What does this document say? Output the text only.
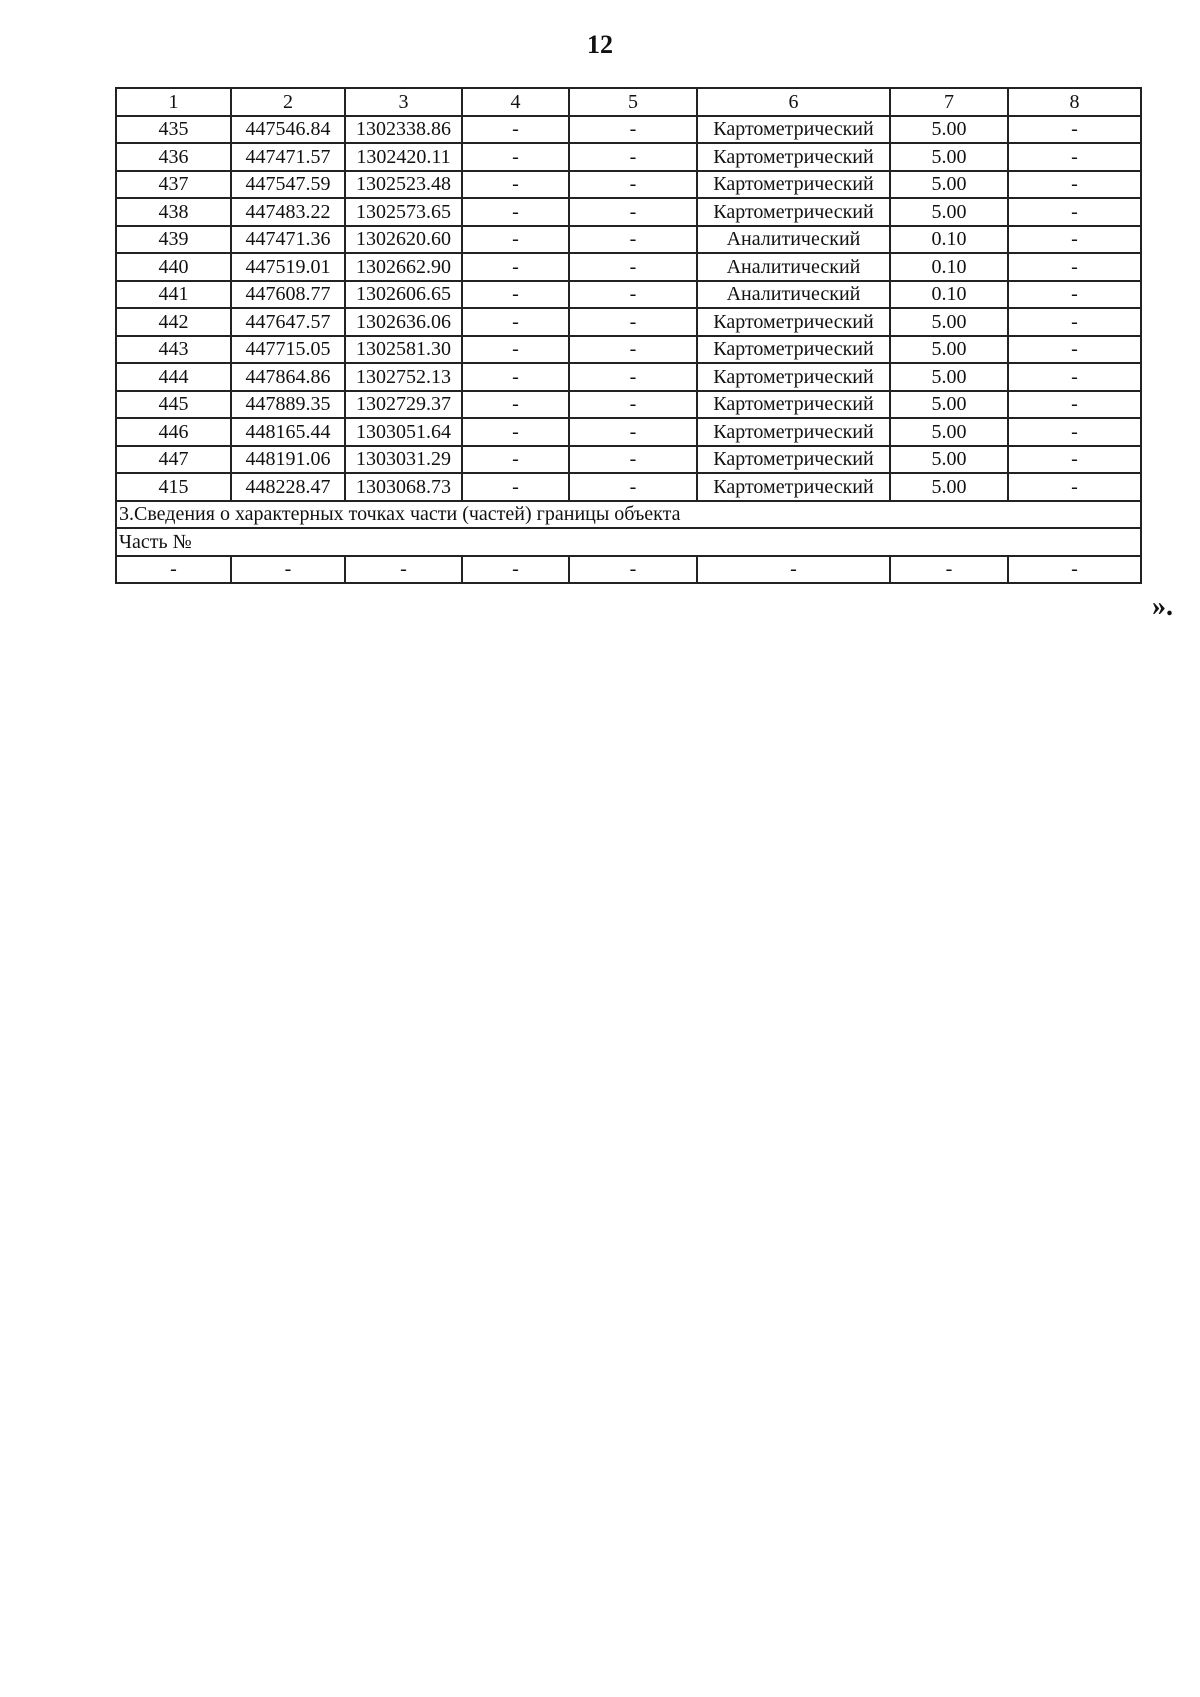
12
1	2	3	4	5	6	7	8
435	447546.84	1302338.86	-	-	Картометрический	5.00	-
436	447471.57	1302420.11	-	-	Картометрический	5.00	-
437	447547.59	1302523.48	-	-	Картометрический	5.00	-
438	447483.22	1302573.65	-	-	Картометрический	5.00	-
439	447471.36	1302620.60	-	-	Аналитический	0.10	-
440	447519.01	1302662.90	-	-	Аналитический	0.10	-
441	447608.77	1302606.65	-	-	Аналитический	0.10	-
442	447647.57	1302636.06	-	-	Картометрический	5.00	-
443	447715.05	1302581.30	-	-	Картометрический	5.00	-
444	447864.86	1302752.13	-	-	Картометрический	5.00	-
445	447889.35	1302729.37	-	-	Картометрический	5.00	-
446	448165.44	1303051.64	-	-	Картометрический	5.00	-
447	448191.06	1303031.29	-	-	Картометрический	5.00	-
415	448228.47	1303068.73	-	-	Картометрический	5.00	-
3.Сведения о характерных точках части (частей) границы объекта							
Часть №							
-	-	-	-	-	-	-	-
».
